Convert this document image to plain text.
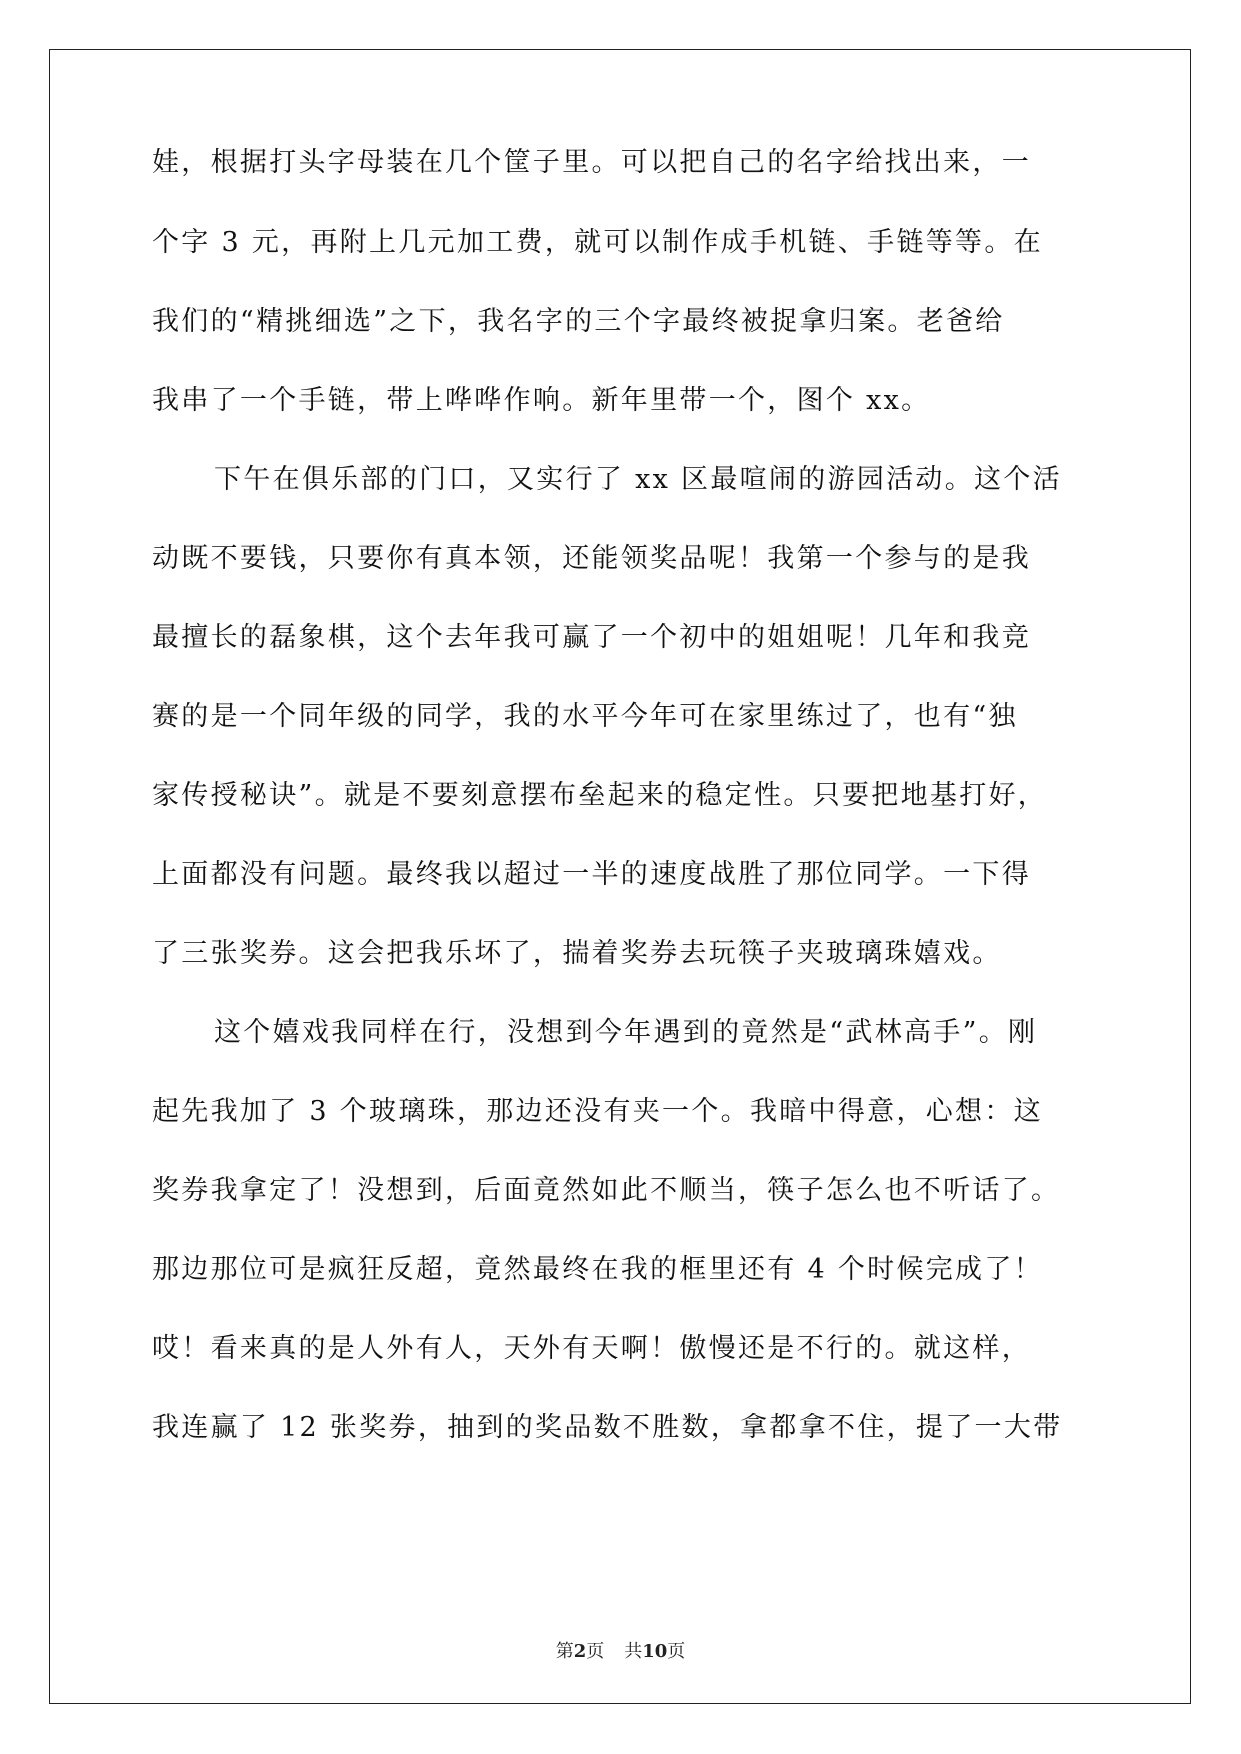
娃，根据打头字母装在几个筐子里。可以把自己的名字给找出来，一
个字 3 元，再附上几元加工费，就可以制作成手机链、手链等等。在
我们的“精挑细选”之下，我名字的三个字最终被捉拿归案。老爸给
我串了一个手链，带上哗哗作响。新年里带一个，图个 xx。
下午在俱乐部的门口，又实行了 xx 区最喧闹的游园活动。这个活
动既不要钱，只要你有真本领，还能领奖品呢！我第一个参与的是我
最擅长的磊象棋，这个去年我可赢了一个初中的姐姐呢！几年和我竞
赛的是一个同年级的同学，我的水平今年可在家里练过了，也有“独
家传授秘诀”。就是不要刻意摆布垒起来的稳定性。只要把地基打好，
上面都没有问题。最终我以超过一半的速度战胜了那位同学。一下得
了三张奖券。这会把我乐坏了，揣着奖券去玩筷子夹玻璃珠嬉戏。
这个嬉戏我同样在行，没想到今年遇到的竟然是“武林高手”。刚
起先我加了 3 个玻璃珠，那边还没有夹一个。我暗中得意，心想：这
奖券我拿定了！没想到，后面竟然如此不顺当，筷子怎么也不听话了。
那边那位可是疯狂反超，竟然最终在我的框里还有 4 个时候完成了！
哎！看来真的是人外有人，天外有天啊！傲慢还是不行的。就这样，
我连赢了 12 张奖券，抽到的奖品数不胜数，拿都拿不住，提了一大带
第2页 共10页
